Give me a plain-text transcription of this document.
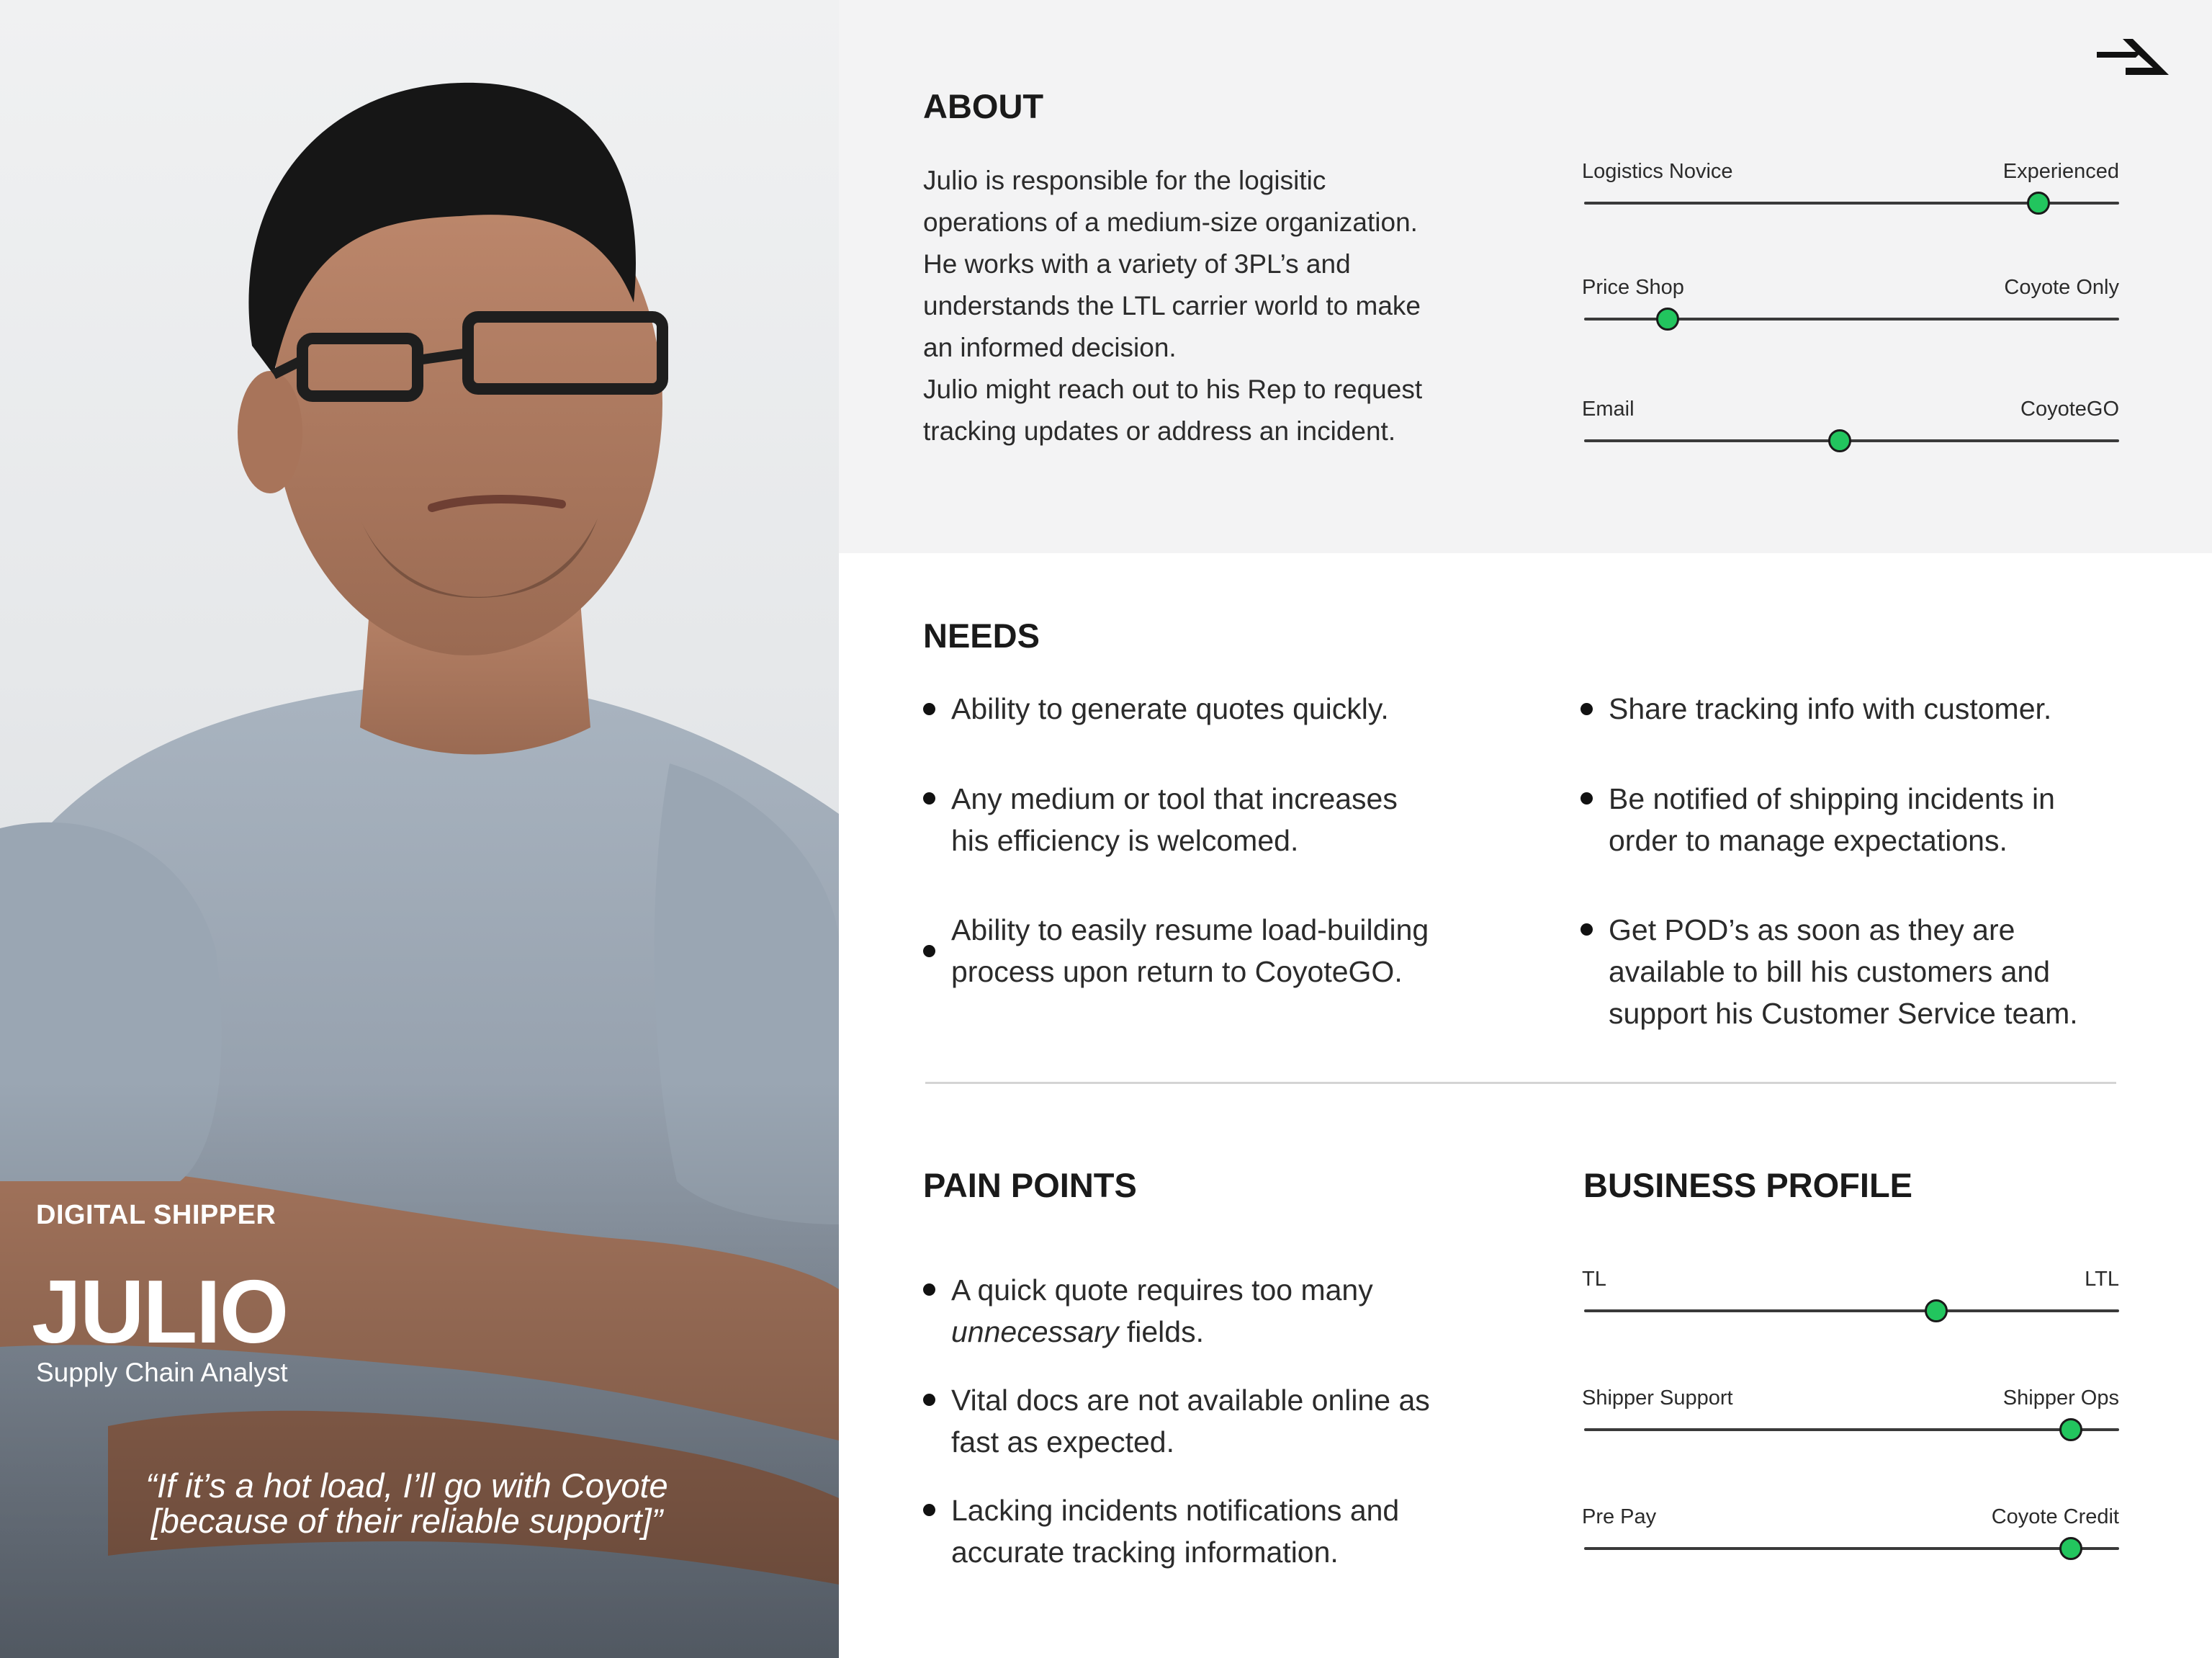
DIGITAL SHIPPER

JULIO

Supply Chain Analyst

“If it’s a hot load, I’ll go with Coyote [because of their reliable support]”

ABOUT

Julio is responsible for the logisitic
operations of a medium-size organization.
He works with a variety of 3PL’s and
understands the LTL carrier world to make
an informed decision.
Julio might reach out to his Rep to request
tracking updates or address an incident.

Logistics Novice	Experienced
Price Shop	Coyote Only
Email	CoyoteGO
NEEDS
Ability to generate quotes quickly.
Any medium or tool that increases
his efficiency is welcomed.
Ability to easily resume load-building
process upon return to CoyoteGO.
Share tracking info with customer.
Be notified of shipping incidents in
order to manage expectations.
Get POD’s as soon as they are
available to bill his customers and
support his Customer Service team.
PAIN POINTS
A quick quote requires too many
unnecessary fields.
Vital docs are not available online as
fast as expected.
Lacking incidents notifications and
accurate tracking information.
BUSINESS PROFILE
TL	LTL
Shipper Support	Shipper Ops
Pre Pay	Coyote Credit
